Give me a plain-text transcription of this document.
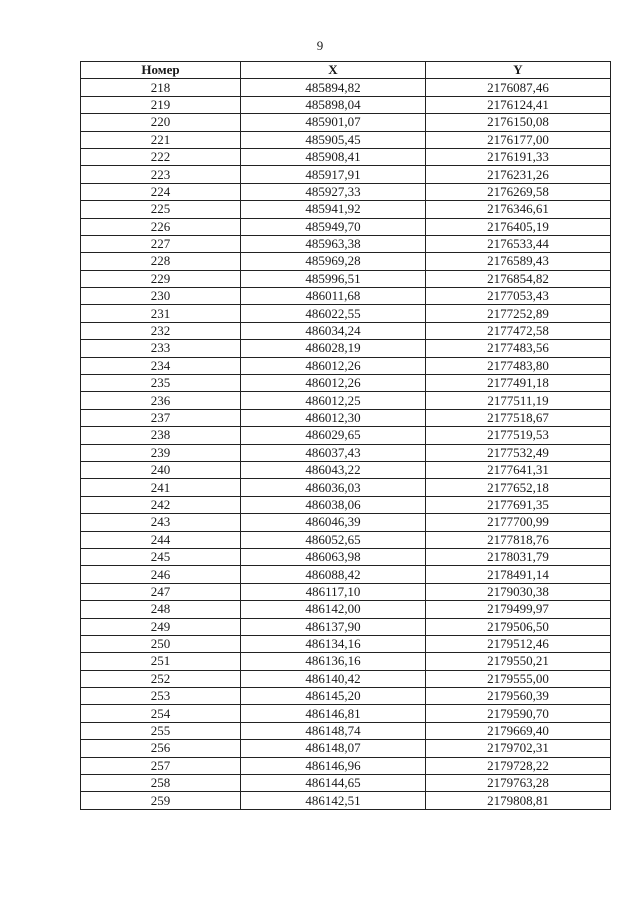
9
Номер	X	Y
218	485894,82	2176087,46
219	485898,04	2176124,41
220	485901,07	2176150,08
221	485905,45	2176177,00
222	485908,41	2176191,33
223	485917,91	2176231,26
224	485927,33	2176269,58
225	485941,92	2176346,61
226	485949,70	2176405,19
227	485963,38	2176533,44
228	485969,28	2176589,43
229	485996,51	2176854,82
230	486011,68	2177053,43
231	486022,55	2177252,89
232	486034,24	2177472,58
233	486028,19	2177483,56
234	486012,26	2177483,80
235	486012,26	2177491,18
236	486012,25	2177511,19
237	486012,30	2177518,67
238	486029,65	2177519,53
239	486037,43	2177532,49
240	486043,22	2177641,31
241	486036,03	2177652,18
242	486038,06	2177691,35
243	486046,39	2177700,99
244	486052,65	2177818,76
245	486063,98	2178031,79
246	486088,42	2178491,14
247	486117,10	2179030,38
248	486142,00	2179499,97
249	486137,90	2179506,50
250	486134,16	2179512,46
251	486136,16	2179550,21
252	486140,42	2179555,00
253	486145,20	2179560,39
254	486146,81	2179590,70
255	486148,74	2179669,40
256	486148,07	2179702,31
257	486146,96	2179728,22
258	486144,65	2179763,28
259	486142,51	2179808,81
